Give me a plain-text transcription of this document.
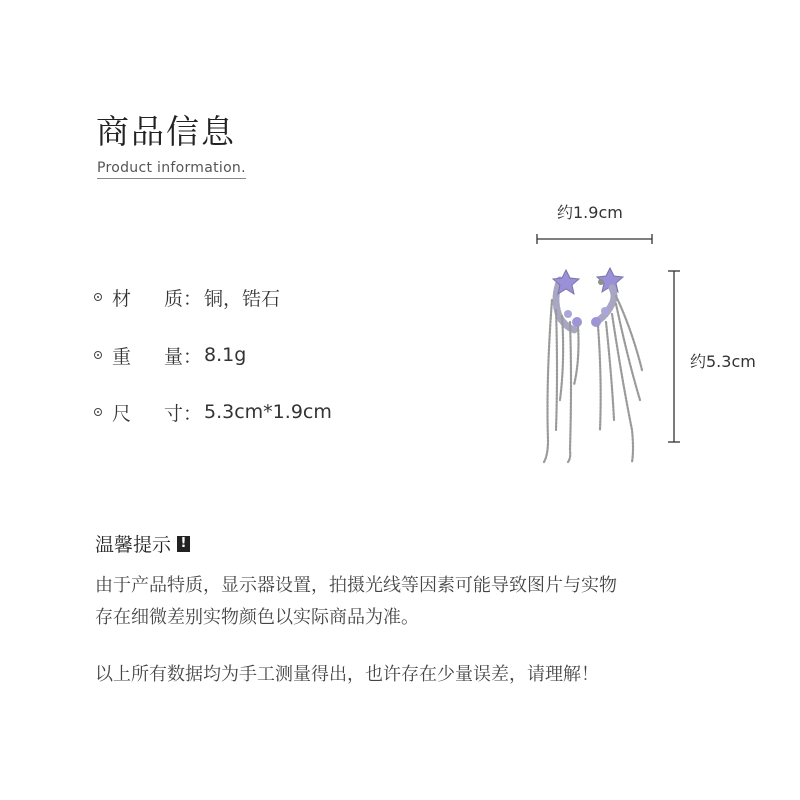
商品信息
Product information.
材	质： 铜，锆石
重	量： 8.1g
尺	寸： 5.3cm*1.9cm
约1.9cm
约5.3cm
温馨提示 !
由于产品特质，显示器设置，拍摄光线等因素可能导致图片与实物
存在细微差别实物颜色以实际商品为准。
以上所有数据均为手工测量得出，也许存在少量误差，请理解！
